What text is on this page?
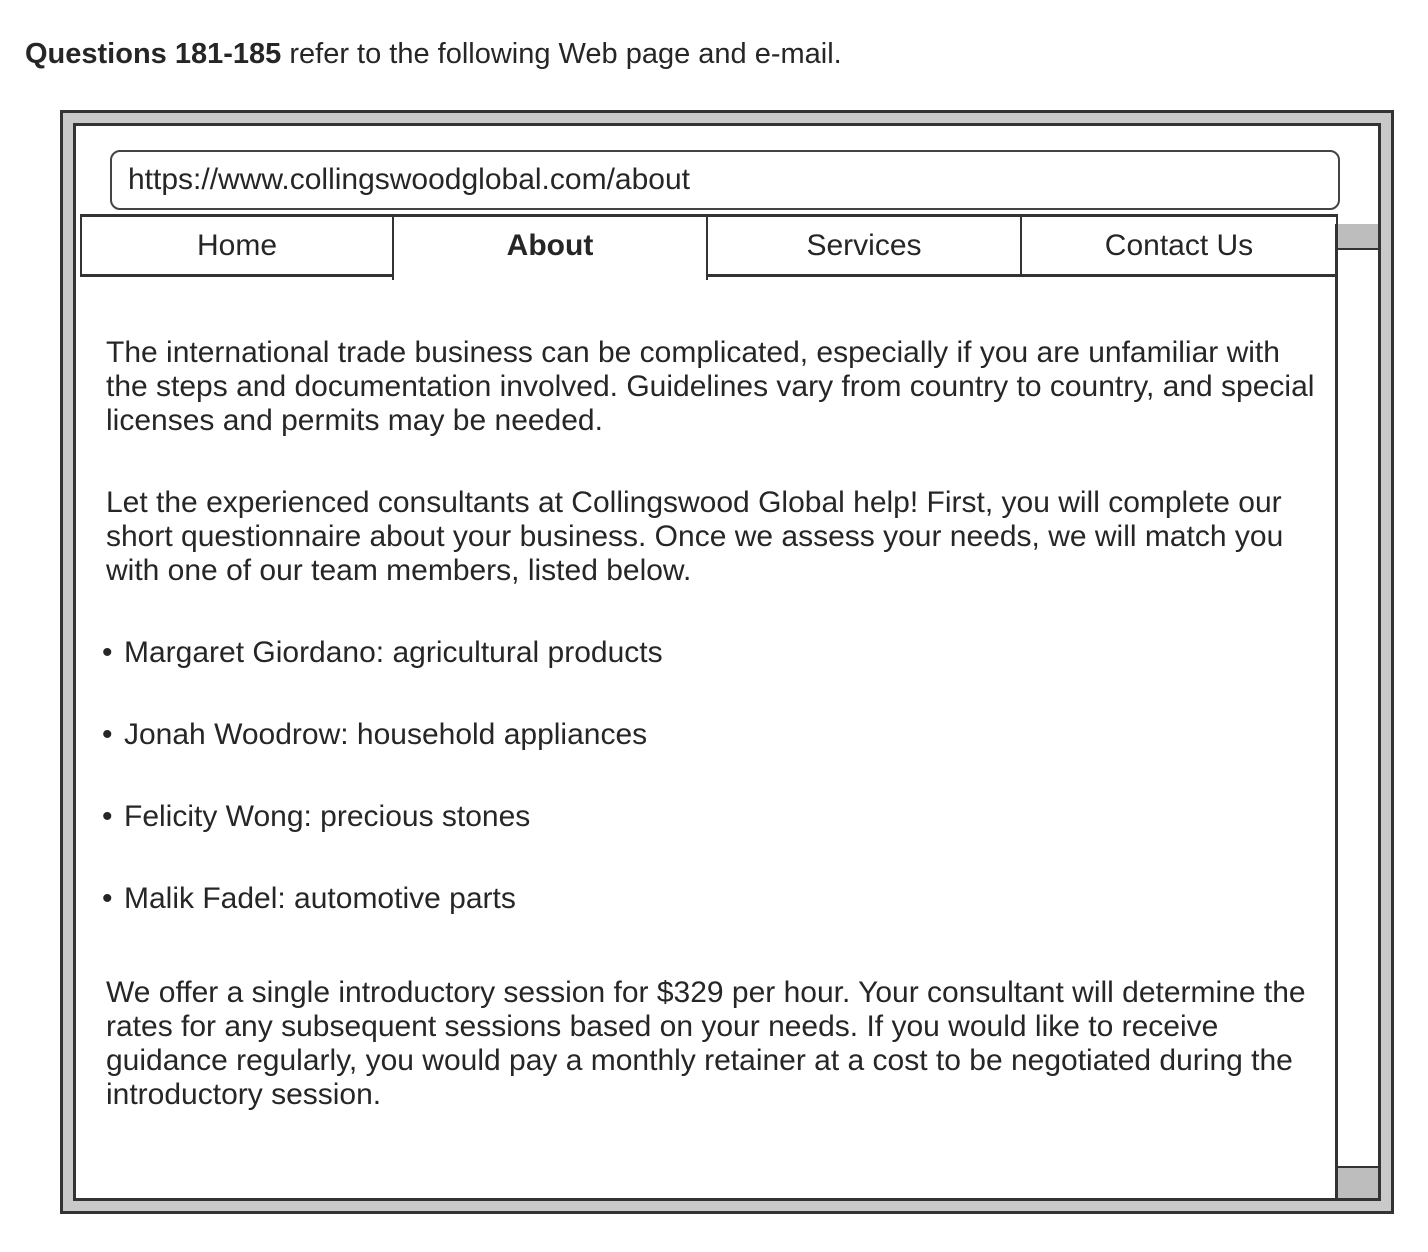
Questions 181-185 refer to the following Web page and e-mail.
https://www.collingswoodglobal.com/about
Home	About	Services	Contact Us

The international trade business can be complicated, especially if you are unfamiliar with the steps and documentation involved. Guidelines vary from country to country, and special licenses and permits may be needed.

Let the experienced consultants at Collingswood Global help! First, you will complete our short questionnaire about your business. Once we assess your needs, we will match you with one of our team members, listed below.

• Margaret Giordano: agricultural products
• Jonah Woodrow: household appliances
• Felicity Wong: precious stones
• Malik Fadel: automotive parts

We offer a single introductory session for $329 per hour. Your consultant will determine the rates for any subsequent sessions based on your needs. If you would like to receive guidance regularly, you would pay a monthly retainer at a cost to be negotiated during the introductory session.
